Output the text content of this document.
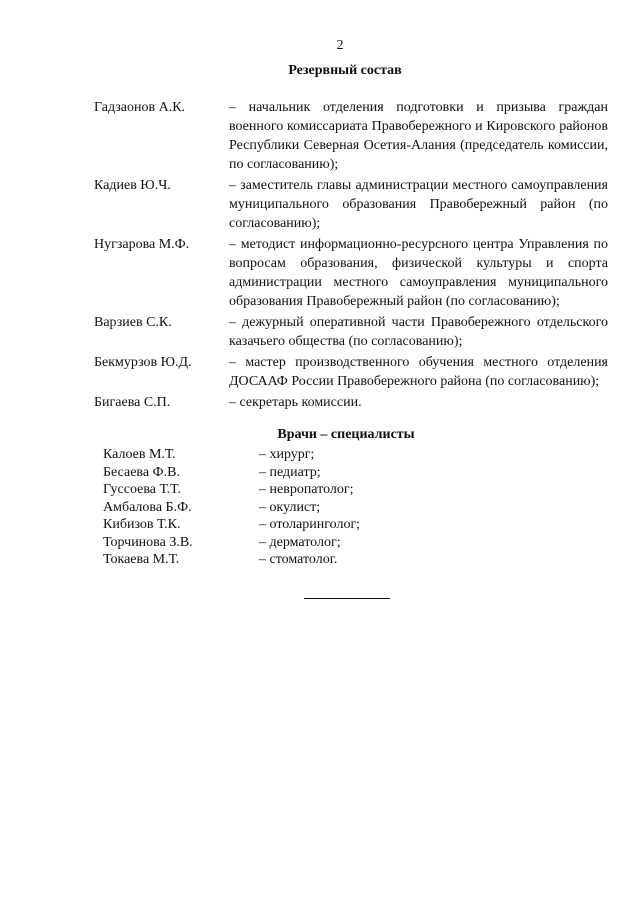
2
Резервный состав
Гадзаонов А.К.	– начальник отделения подготовки и призыва граждан военного комиссариата Правобережного и Кировского районов Республики Северная Осетия-Алания (председатель комиссии, по согласованию);
Кадиев Ю.Ч.	– заместитель главы администрации местного самоуправления муниципального образования Правобережный район (по согласованию);
Нугзарова М.Ф.	– методист информационно-ресурсного центра Управления по вопросам образования, физической культуры и спорта администрации местного самоуправления муниципального образования Правобережный район (по согласованию);
Варзиев С.К.	– дежурный оперативной части Правобережного отдельского казачьего общества (по согласованию);
Бекмурзов Ю.Д.	– мастер производственного обучения местного отделения ДОСААФ России Правобережного района (по согласованию);
Бигаева С.П.	– секретарь комиссии.
Врачи – специалисты
Калоев М.Т.	– хирург;
Бесаева Ф.В.	– педиатр;
Гуссоева Т.Т.	– невропатолог;
Амбалова Б.Ф.	– окулист;
Кибизов Т.К.	– отоларинголог;
Торчинова З.В.	– дерматолог;
Токаева М.Т.	– стоматолог.
